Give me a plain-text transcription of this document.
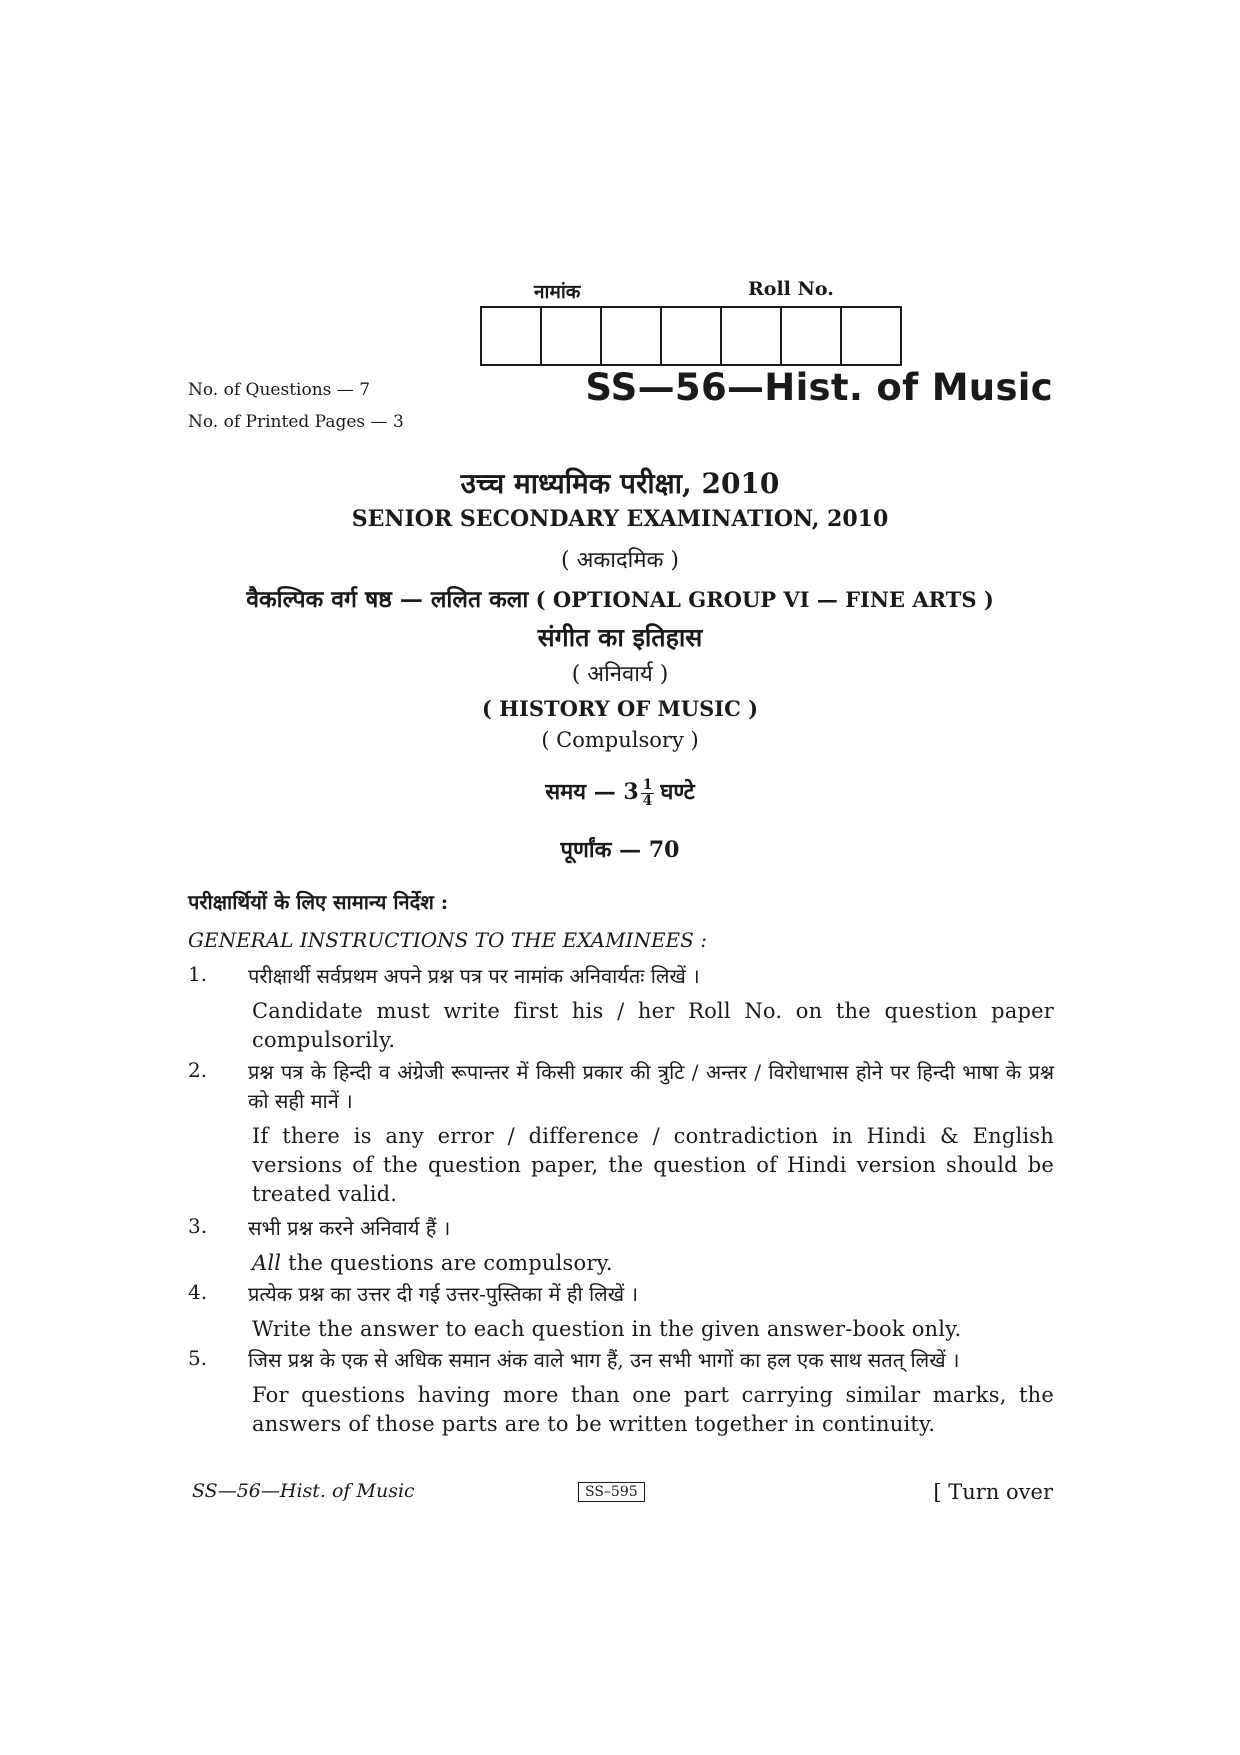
नामांक	Roll No.
No. of Questions — 7
No. of Printed Pages — 3
SS—56—Hist. of Music
उच्च माध्यमिक परीक्षा, 2010
SENIOR SECONDARY EXAMINATION, 2010
( अकादमिक )
वैकल्पिक वर्ग षष्ठ — ललित कला ( OPTIONAL GROUP VI — FINE ARTS )
संगीत का इतिहास
( अनिवार्य )
( HISTORY OF MUSIC )
( Compulsory )
समय — $3 \frac{1}{4}$ घण्टे
पूर्णांक — 70
परीक्षार्थियों के लिए सामान्य निर्देश :
GENERAL INSTRUCTIONS TO THE EXAMINEES :
1.	परीक्षार्थी सर्वप्रथम अपने प्रश्न पत्र पर नामांक अनिवार्यतः लिखें ।
Candidate must write first his / her Roll No. on the question paper compulsorily.
2.	प्रश्न पत्र के हिन्दी व अंग्रेजी रूपान्तर में किसी प्रकार की त्रुटि / अन्तर / विरोधाभास होने पर हिन्दी भाषा के प्रश्न को सही मानें ।
If there is any error / difference / contradiction in Hindi & English versions of the question paper, the question of Hindi version should be treated valid.
3.	सभी प्रश्न करने अनिवार्य हैं ।
All the questions are compulsory.
4.	प्रत्येक प्रश्न का उत्तर दी गई उत्तर-पुस्तिका में ही लिखें ।
Write the answer to each question in the given answer-book only.
5.	जिस प्रश्न के एक से अधिक समान अंक वाले भाग हैं, उन सभी भागों का हल एक साथ सतत् लिखें ।
For questions having more than one part carrying similar marks, the answers of those parts are to be written together in continuity.
SS—56—Hist. of Music	SS–595	[ Turn over
